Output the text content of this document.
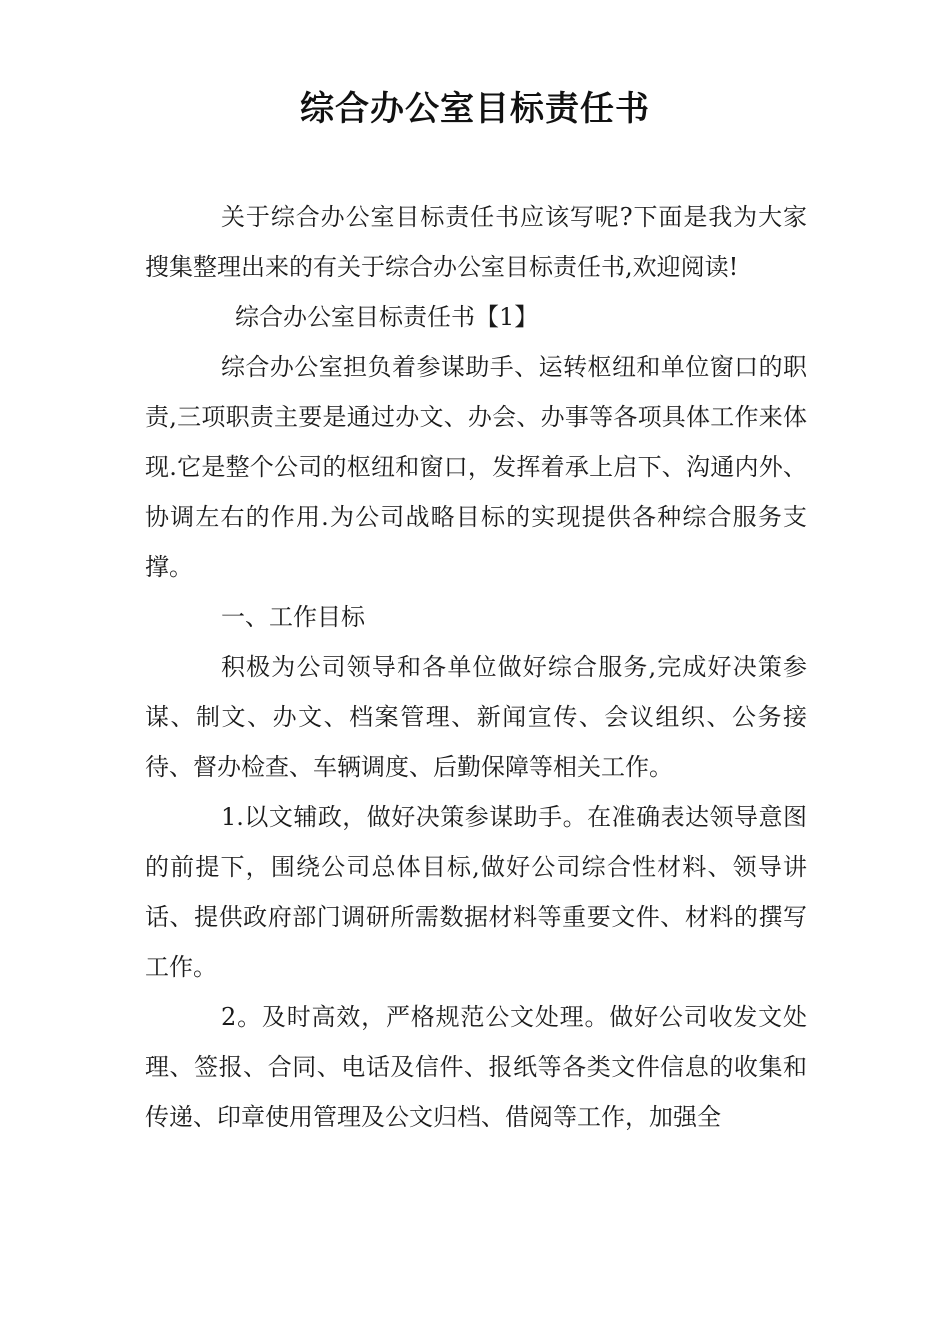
综合办公室目标责任书

关于综合办公室目标责任书应该写呢?下面是我为大家搜集整理出来的有关于综合办公室目标责任书,欢迎阅读!

综合办公室目标责任书【1】

综合办公室担负着参谋助手、运转枢纽和单位窗口的职责,三项职责主要是通过办文、办会、办事等各项具体工作来体现.它是整个公司的枢纽和窗口，发挥着承上启下、沟通内外、协调左右的作用.为公司战略目标的实现提供各种综合服务支撑。

一、工作目标

积极为公司领导和各单位做好综合服务,完成好决策参谋、制文、办文、档案管理、新闻宣传、会议组织、公务接待、督办检查、车辆调度、后勤保障等相关工作。

1.以文辅政，做好决策参谋助手。在准确表达领导意图的前提下，围绕公司总体目标,做好公司综合性材料、领导讲话、提供政府部门调研所需数据材料等重要文件、材料的撰写工作。

2。及时高效，严格规范公文处理。做好公司收发文处理、签报、合同、电话及信件、报纸等各类文件信息的收集和传递、印章使用管理及公文归档、借阅等工作，加强全
